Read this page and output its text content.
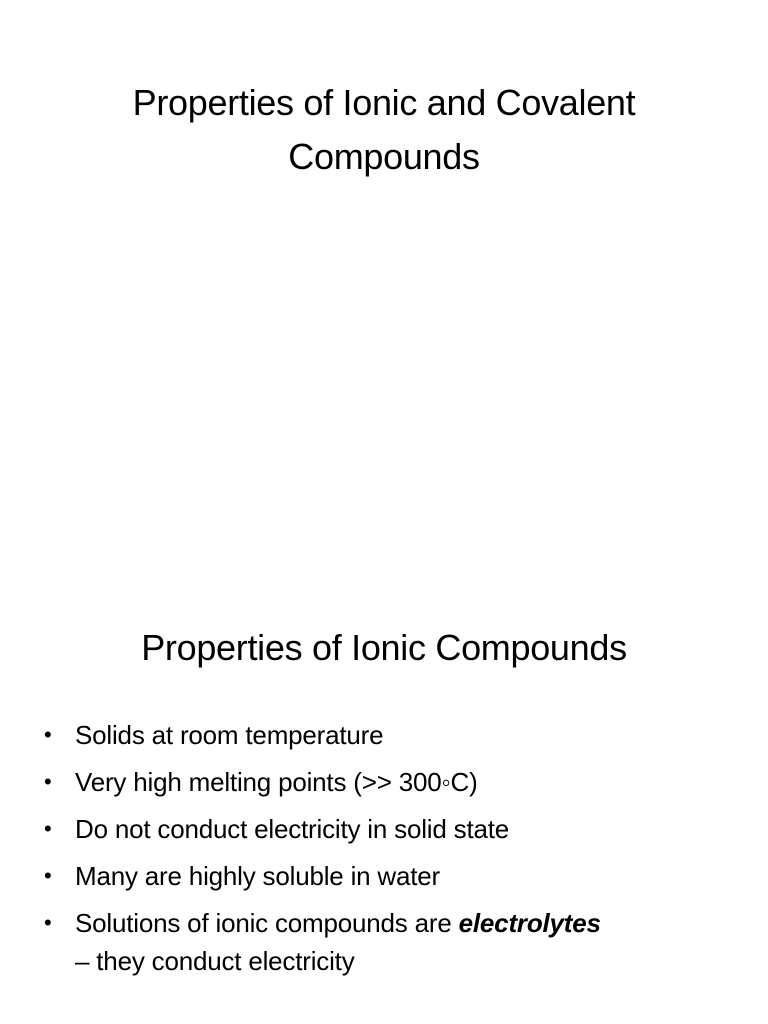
Properties of Ionic and Covalent
Compounds
Properties of Ionic Compounds
• Solids at room temperature
• Very high melting points (>> 300◦C)
• Do not conduct electricity in solid state
• Many are highly soluble in water
• Solutions of ionic compounds are electrolytes
– they conduct electricity
